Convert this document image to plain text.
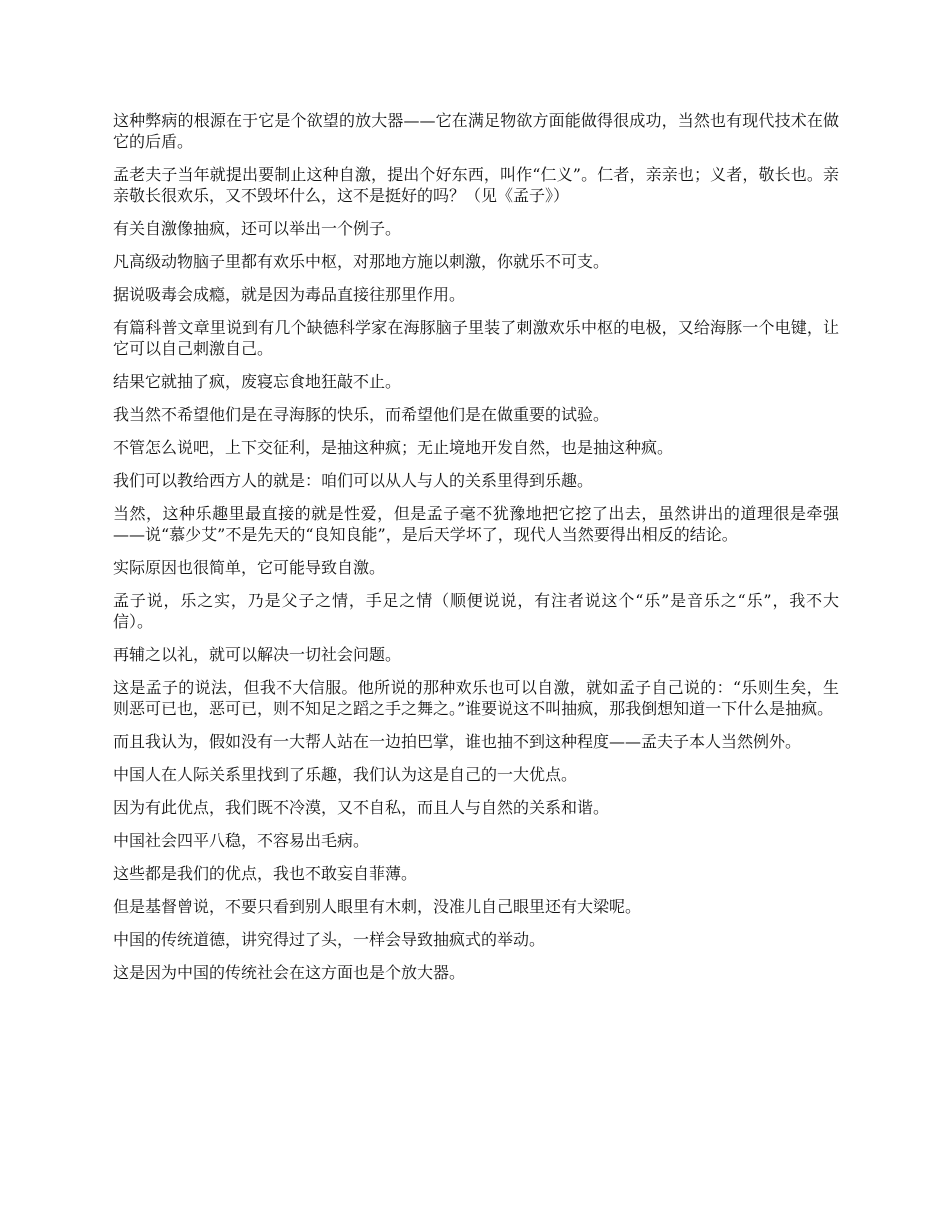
这种弊病的根源在于它是个欲望的放大器——它在满足物欲方面能做得很成功，当然也有现代技术在做它的后盾。

孟老夫子当年就提出要制止这种自激，提出个好东西，叫作“仁义”。仁者，亲亲也；义者，敬长也。亲亲敬长很欢乐，又不毁坏什么，这不是挺好的吗？（见《孟子》）

有关自激像抽疯，还可以举出一个例子。

凡高级动物脑子里都有欢乐中枢，对那地方施以刺激，你就乐不可支。

据说吸毒会成瘾，就是因为毒品直接往那里作用。

有篇科普文章里说到有几个缺德科学家在海豚脑子里装了刺激欢乐中枢的电极，又给海豚一个电键，让它可以自己刺激自己。

结果它就抽了疯，废寝忘食地狂敲不止。

我当然不希望他们是在寻海豚的快乐，而希望他们是在做重要的试验。

不管怎么说吧，上下交征利，是抽这种疯；无止境地开发自然，也是抽这种疯。

我们可以教给西方人的就是：咱们可以从人与人的关系里得到乐趣。

当然，这种乐趣里最直接的就是性爱，但是孟子毫不犹豫地把它挖了出去，虽然讲出的道理很是牵强——说“慕少艾”不是先天的“良知良能”，是后天学坏了，现代人当然要得出相反的结论。

实际原因也很简单，它可能导致自激。

孟子说，乐之实，乃是父子之情，手足之情（顺便说说，有注者说这个“乐”是音乐之“乐”，我不大信）。

再辅之以礼，就可以解决一切社会问题。

这是孟子的说法，但我不大信服。他所说的那种欢乐也可以自激，就如孟子自己说的：“乐则生矣，生则恶可已也，恶可已，则不知足之蹈之手之舞之。”谁要说这不叫抽疯，那我倒想知道一下什么是抽疯。

而且我认为，假如没有一大帮人站在一边拍巴掌，谁也抽不到这种程度——孟夫子本人当然例外。

中国人在人际关系里找到了乐趣，我们认为这是自己的一大优点。

因为有此优点，我们既不冷漠，又不自私，而且人与自然的关系和谐。

中国社会四平八稳，不容易出毛病。

这些都是我们的优点，我也不敢妄自菲薄。

但是基督曾说，不要只看到别人眼里有木刺，没准儿自己眼里还有大梁呢。

中国的传统道德，讲究得过了头，一样会导致抽疯式的举动。

这是因为中国的传统社会在这方面也是个放大器。
